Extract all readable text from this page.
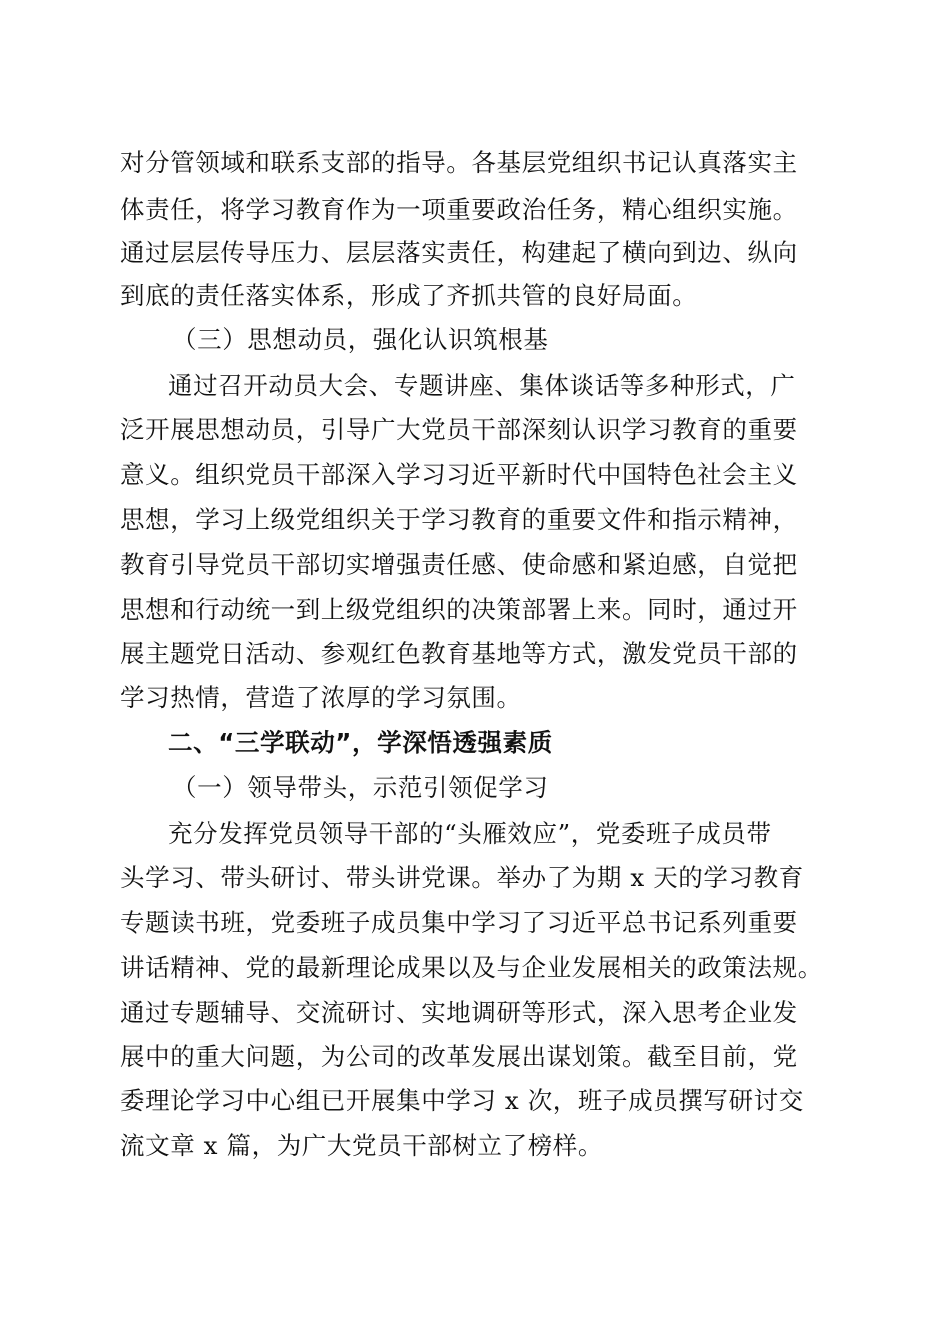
对分管领域和联系支部的指导。各基层党组织书记认真落实主
体责任，将学习教育作为一项重要政治任务，精心组织实施。
通过层层传导压力、层层落实责任，构建起了横向到边、纵向
到底的责任落实体系，形成了齐抓共管的良好局面。
（三）思想动员，强化认识筑根基
通过召开动员大会、专题讲座、集体谈话等多种形式，广
泛开展思想动员，引导广大党员干部深刻认识学习教育的重要
意义。组织党员干部深入学习习近平新时代中国特色社会主义
思想，学习上级党组织关于学习教育的重要文件和指示精神，
教育引导党员干部切实增强责任感、使命感和紧迫感，自觉把
思想和行动统一到上级党组织的决策部署上来。同时，通过开
展主题党日活动、参观红色教育基地等方式，激发党员干部的
学习热情，营造了浓厚的学习氛围。
二、“三学联动”，学深悟透强素质
（一）领导带头，示范引领促学习
充分发挥党员领导干部的“头雁效应”，党委班子成员带
头学习、带头研讨、带头讲党课。举办了为期 x 天的学习教育
专题读书班，党委班子成员集中学习了习近平总书记系列重要
讲话精神、党的最新理论成果以及与企业发展相关的政策法规。
通过专题辅导、交流研讨、实地调研等形式，深入思考企业发
展中的重大问题，为公司的改革发展出谋划策。截至目前，党
委理论学习中心组已开展集中学习 x 次，班子成员撰写研讨交
流文章 x 篇，为广大党员干部树立了榜样。
